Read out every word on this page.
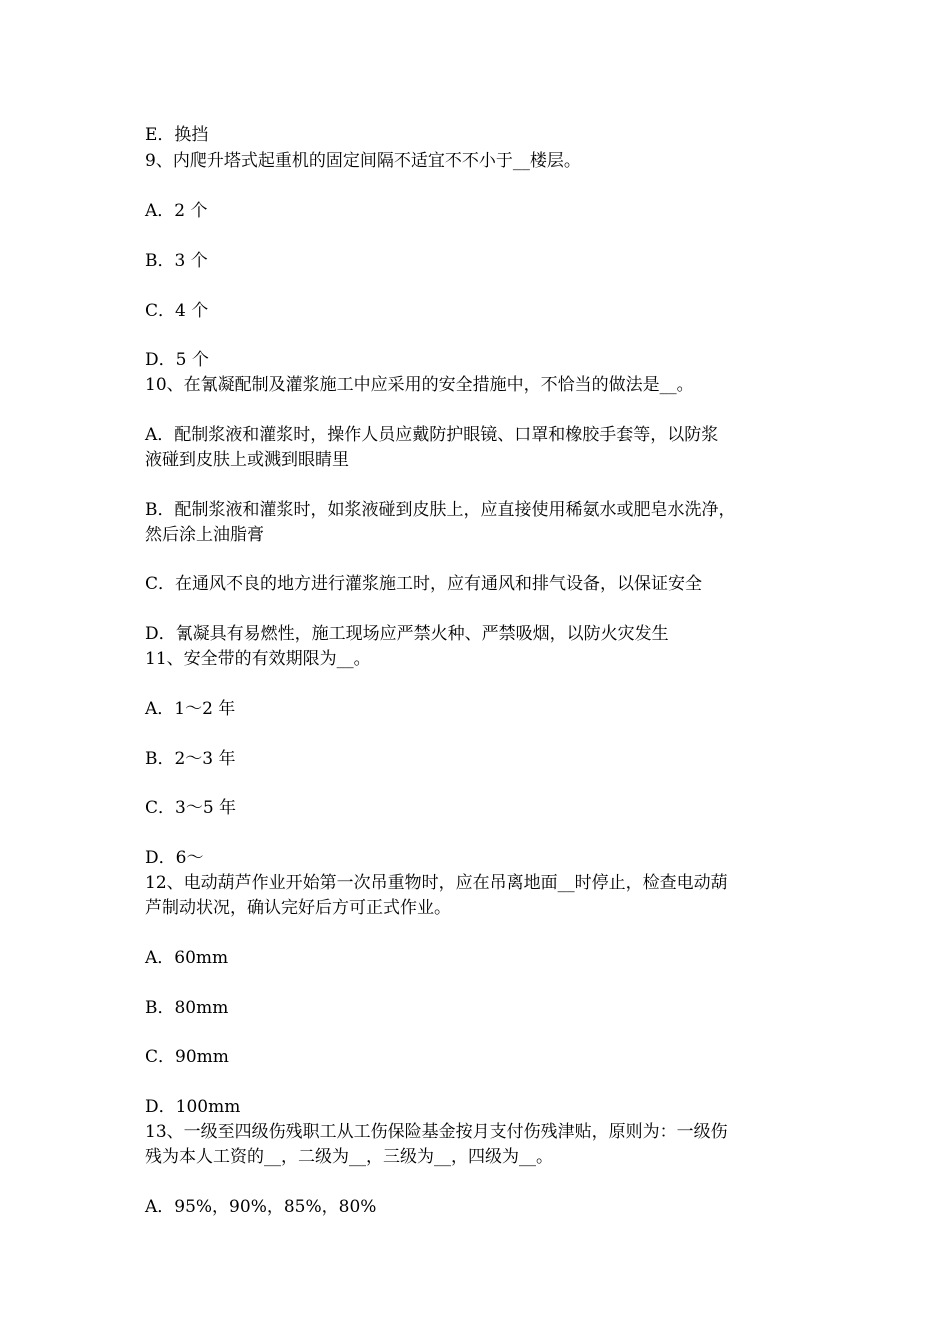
E．换挡
9、内爬升塔式起重机的固定间隔不适宜不不小于__楼层。
A．2 个
B．3 个
C．4 个
D．5 个
10、在氰凝配制及灌浆施工中应采用的安全措施中，不恰当的做法是__。
A．配制浆液和灌浆时，操作人员应戴防护眼镜、口罩和橡胶手套等，以防浆
液碰到皮肤上或溅到眼睛里
B．配制浆液和灌浆时，如浆液碰到皮肤上，应直接使用稀氨水或肥皂水洗净，
然后涂上油脂膏
C．在通风不良的地方进行灌浆施工时，应有通风和排气设备，以保证安全
D．氰凝具有易燃性，施工现场应严禁火种、严禁吸烟，以防火灾发生
11、安全带的有效期限为__。
A．1～2 年
B．2～3 年
C．3～5 年
D．6～
12、电动葫芦作业开始第一次吊重物时，应在吊离地面__时停止，检查电动葫
芦制动状况，确认完好后方可正式作业。
A．60mm
B．80mm
C．90mm
D．100mm
13、一级至四级伤残职工从工伤保险基金按月支付伤残津贴，原则为：一级伤
残为本人工资的__，二级为__，三级为__，四级为__。
A．95%，90%，85%，80%
